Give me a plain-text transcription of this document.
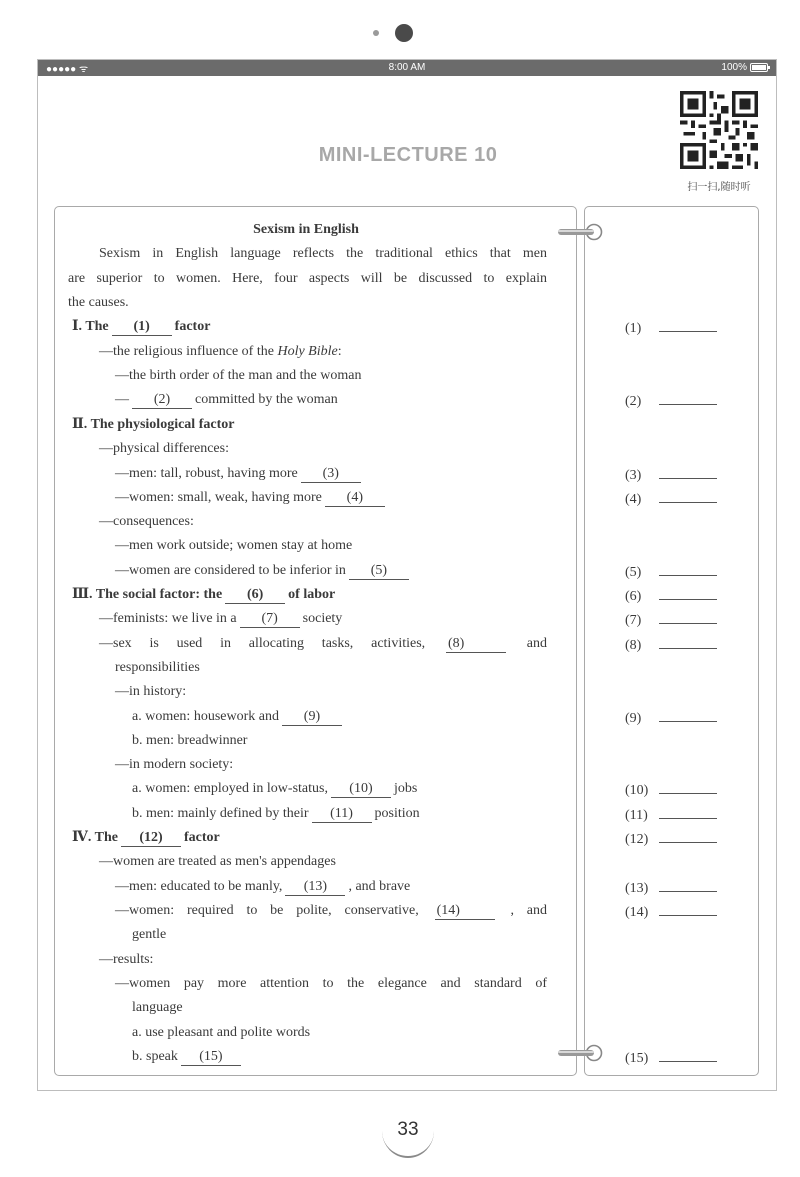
●●●●● ᯤ	8:00 AM	100%
MINI-LECTURE 10
扫一扫,随时听
Sexism in English
Sexism in English language reflects the traditional ethics that men
are superior to women. Here, four aspects will be discussed to explain
the causes.
Ⅰ. The (1) factor
—the religious influence of the Holy Bible:
—the birth order of the man and the woman
— (2) committed by the woman
Ⅱ. The physiological factor
—physical differences:
—men: tall, robust, having more (3)
—women: small, weak, having more (4)
—consequences:
—men work outside; women stay at home
—women are considered to be inferior in (5)
Ⅲ. The social factor: the (6) of labor
—feminists: we live in a (7) society
—sex is used in allocating tasks, activities, (8)	and
responsibilities
—in history:
a. women: housework and (9)
b. men: breadwinner
—in modern society:
a. women: employed in low-status, (10) jobs
b. men: mainly defined by their (11) position
Ⅳ. The (12) factor
—women are treated as men's appendages
—men: educated to be manly, (13) , and brave
—women: required to be polite, conservative, (14)	, and
gentle
—results:
—women pay more attention to the elegance and standard of
language
a. use pleasant and polite words
b. speak (15)
(1)
(2)
(3)
(4)
(5)
(6)
(7)
(8)
(9)
(10)
(11)
(12)
(13)
(14)
(15)
33
